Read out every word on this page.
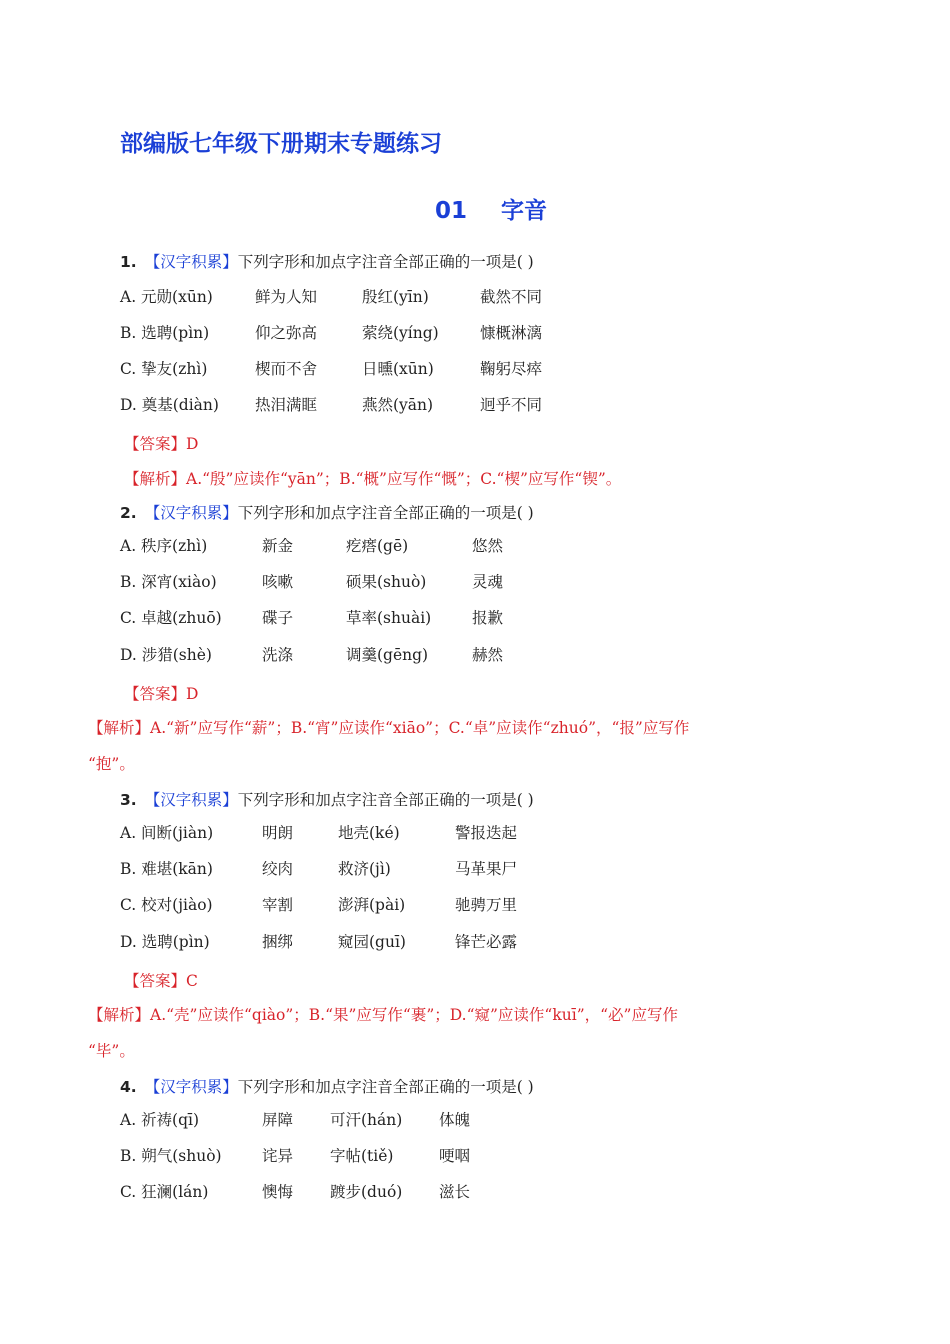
部编版七年级下册期末专题练习
01 字音
1. 【汉字积累】下列字形和加点字注音全部正确的一项是( )
A. 元勋(xūn)	鲜为人知	殷红(yīn)	截然不同
B. 选聘(pìn)	仰之弥高	萦绕(yíng)	慷概淋漓
C. 挚友(zhì)	楔而不舍	日曛(xūn)	鞠躬尽瘁
D. 奠基(diàn) 热泪满眶	燕然(yān)	迥乎不同
【答案】D
【解析】A.“殷”应读作“yān”；B.“概”应写作“慨”；C.“楔”应写作“锲”。
2. 【汉字积累】下列字形和加点字注音全部正确的一项是( )
A. 秩序(zhì)	新金	疙瘩(gē)	悠然
B. 深宵(xiào)	咳嗽	硕果(shuò)	灵魂
C. 卓越(zhuō)	碟子	草率(shuài)	报歉
D. 涉猎(shè)	洗涤	调羹(gēng)	赫然
【答案】D
【解析】A.“新”应写作“薪”；B.“宵”应读作“xiāo”；C.“卓”应读作“zhuó”，“报”应写作
“抱”。
3. 【汉字积累】下列字形和加点字注音全部正确的一项是( )
A. 间断(jiàn)	明朗	地壳(ké)	警报迭起
B. 难堪(kān)	绞肉	救济(jì)	马革果尸
C. 校对(jiào)	宰割	澎湃(pài)	驰骋万里
D. 选聘(pìn)	捆绑	窥园(guī)	锋芒必露
【答案】C
【解析】A.“壳”应读作“qiào”；B.“果”应写作“裹”；D.“窥”应读作“kuī”，“必”应写作
“毕”。
4. 【汉字积累】下列字形和加点字注音全部正确的一项是( )
A. 祈祷(qī)	屏障 可汗(hán) 体魄
B. 朔气(shuò)	诧异 字帖(tiě)	哽咽
C. 狂澜(lán)	懊悔 踱步(duó) 滋长
